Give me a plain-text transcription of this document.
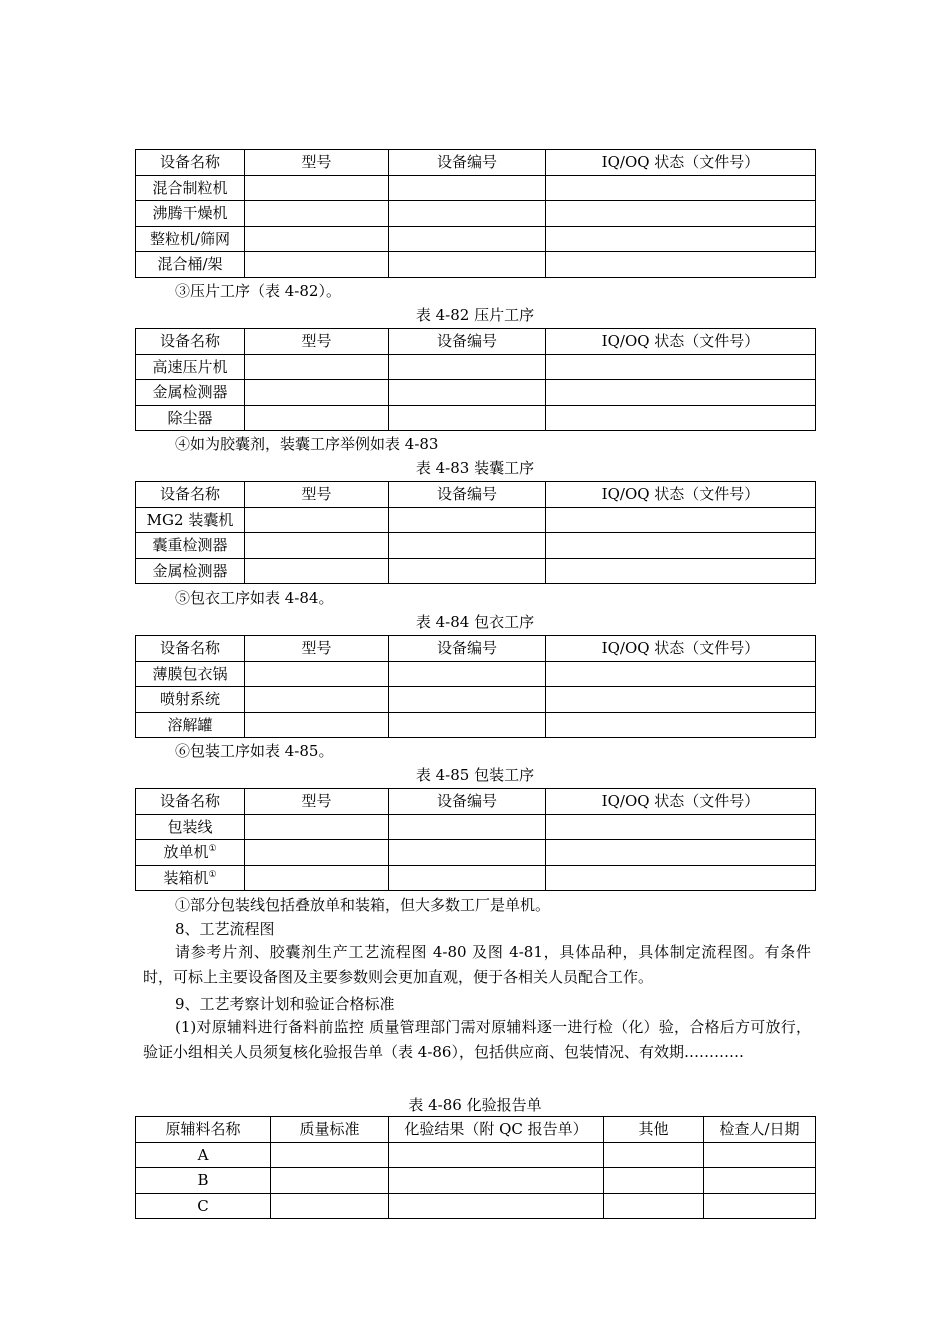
设备名称	型号	设备编号	IQ/OQ 状态（文件号）
混合制粒机			
沸腾干燥机			
整粒机/筛网			
混合桶/架			
③压片工序（表 4-82）。
表 4-82 压片工序
设备名称	型号	设备编号	IQ/OQ 状态（文件号）
高速压片机			
金属检测器			
除尘器			
④如为胶囊剂，装囊工序举例如表 4-83
表 4-83 装囊工序
设备名称	型号	设备编号	IQ/OQ 状态（文件号）
MG2 装囊机			
囊重检测器			
金属检测器			
⑤包衣工序如表 4-84。
表 4-84 包衣工序
设备名称	型号	设备编号	IQ/OQ 状态（文件号）
薄膜包衣锅			
喷射系统			
溶解罐			
⑥包装工序如表 4-85。
表 4-85 包装工序
设备名称	型号	设备编号	IQ/OQ 状态（文件号）
包装线			
放单机①			
装箱机①			
①部分包装线包括叠放单和装箱，但大多数工厂是单机。
8、工艺流程图
请参考片剂、胶囊剂生产工艺流程图 4-80 及图 4-81，具体品种，具体制定流程图。有条件时，可标上主要设备图及主要参数则会更加直观，便于各相关人员配合工作。
9、工艺考察计划和验证合格标准
(1)对原辅料进行备料前监控 质量管理部门需对原辅料逐一进行检（化）验，合格后方可放行，验证小组相关人员须复核化验报告单（表 4-86），包括供应商、包装情况、有效期…………
表 4-86 化验报告单
原辅料名称	质量标准	化验结果（附 QC 报告单）	其他	检查人/日期
A				
B				
C				
